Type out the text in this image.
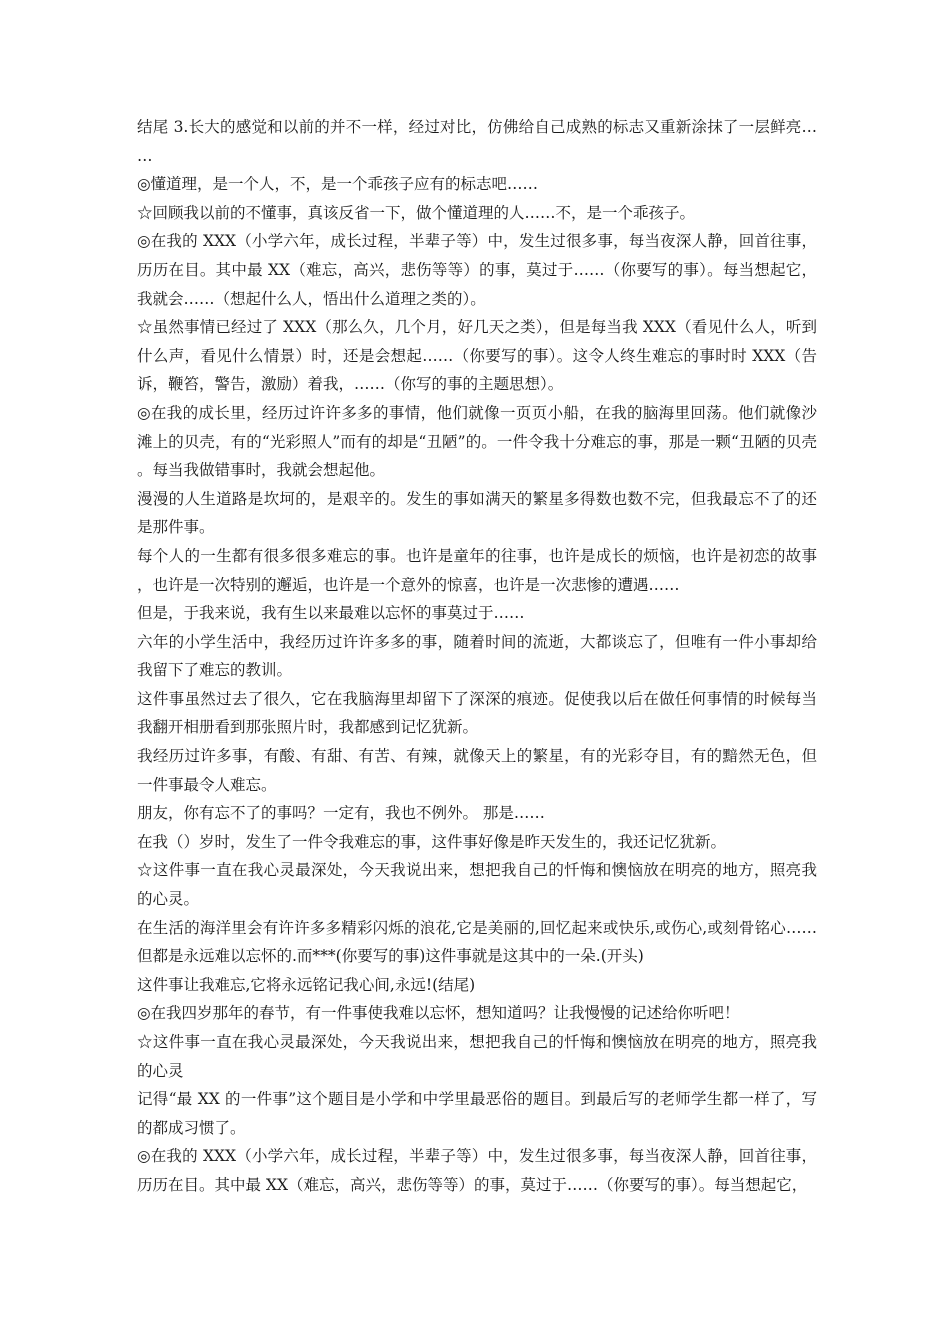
结尾 3.长大的感觉和以前的并不一样，经过对比，仿佛给自己成熟的标志又重新涂抹了一层鲜亮……

◎懂道理，是一个人，不，是一个乖孩子应有的标志吧……

☆回顾我以前的不懂事，真该反省一下，做个懂道理的人……不，是一个乖孩子。

◎在我的 XXX（小学六年，成长过程，半辈子等）中，发生过很多事，每当夜深人静，回首往事，历历在目。其中最 XX（难忘，高兴，悲伤等等）的事，莫过于……（你要写的事）。每当想起它，我就会……（想起什么人，悟出什么道理之类的）。

☆虽然事情已经过了 XXX（那么久，几个月，好几天之类），但是每当我 XXX（看见什么人，听到什么声，看见什么情景）时，还是会想起……（你要写的事）。这令人终生难忘的事时时 XXX（告诉，鞭笞，警告，激励）着我，……（你写的事的主题思想）。

◎在我的成长里，经历过许许多多的事情，他们就像一页页小船，在我的脑海里回荡。他们就像沙滩上的贝壳，有的“光彩照人”而有的却是“丑陋”的。一件令我十分难忘的事，那是一颗“丑陋的贝壳。每当我做错事时，我就会想起他。

漫漫的人生道路是坎坷的，是艰辛的。发生的事如满天的繁星多得数也数不完，但我最忘不了的还是那件事。

每个人的一生都有很多很多难忘的事。也许是童年的往事，也许是成长的烦恼，也许是初恋的故事，也许是一次特别的邂逅，也许是一个意外的惊喜，也许是一次悲惨的遭遇……

但是，于我来说，我有生以来最难以忘怀的事莫过于……

六年的小学生活中，我经历过许许多多的事，随着时间的流逝，大都谈忘了，但唯有一件小事却给我留下了难忘的教训。

这件事虽然过去了很久，它在我脑海里却留下了深深的痕迹。促使我以后在做任何事情的时候每当我翻开相册看到那张照片时，我都感到记忆犹新。

我经历过许多事，有酸、有甜、有苦、有辣，就像天上的繁星，有的光彩夺目，有的黯然无色，但一件事最令人难忘。

朋友，你有忘不了的事吗？一定有，我也不例外。 那是……

在我（）岁时，发生了一件令我难忘的事，这件事好像是昨天发生的，我还记忆犹新。

☆这件事一直在我心灵最深处，今天我说出来，想把我自己的忏悔和懊恼放在明亮的地方，照亮我的心灵。

在生活的海洋里会有许许多多精彩闪烁的浪花,它是美丽的,回忆起来或快乐,或伤心,或刻骨铭心……但都是永远难以忘怀的.而***(你要写的事)这件事就是这其中的一朵.(开头)

这件事让我难忘,它将永远铭记我心间,永远!(结尾)

◎在我四岁那年的春节，有一件事使我难以忘怀，想知道吗？让我慢慢的记述给你听吧！

☆这件事一直在我心灵最深处，今天我说出来，想把我自己的忏悔和懊恼放在明亮的地方，照亮我的心灵

记得“最 XX 的一件事”这个题目是小学和中学里最恶俗的题目。到最后写的老师学生都一样了，写的都成习惯了。

◎在我的 XXX（小学六年，成长过程，半辈子等）中，发生过很多事，每当夜深人静，回首往事，历历在目。其中最 XX（难忘，高兴，悲伤等等）的事，莫过于……（你要写的事）。每当想起它，
